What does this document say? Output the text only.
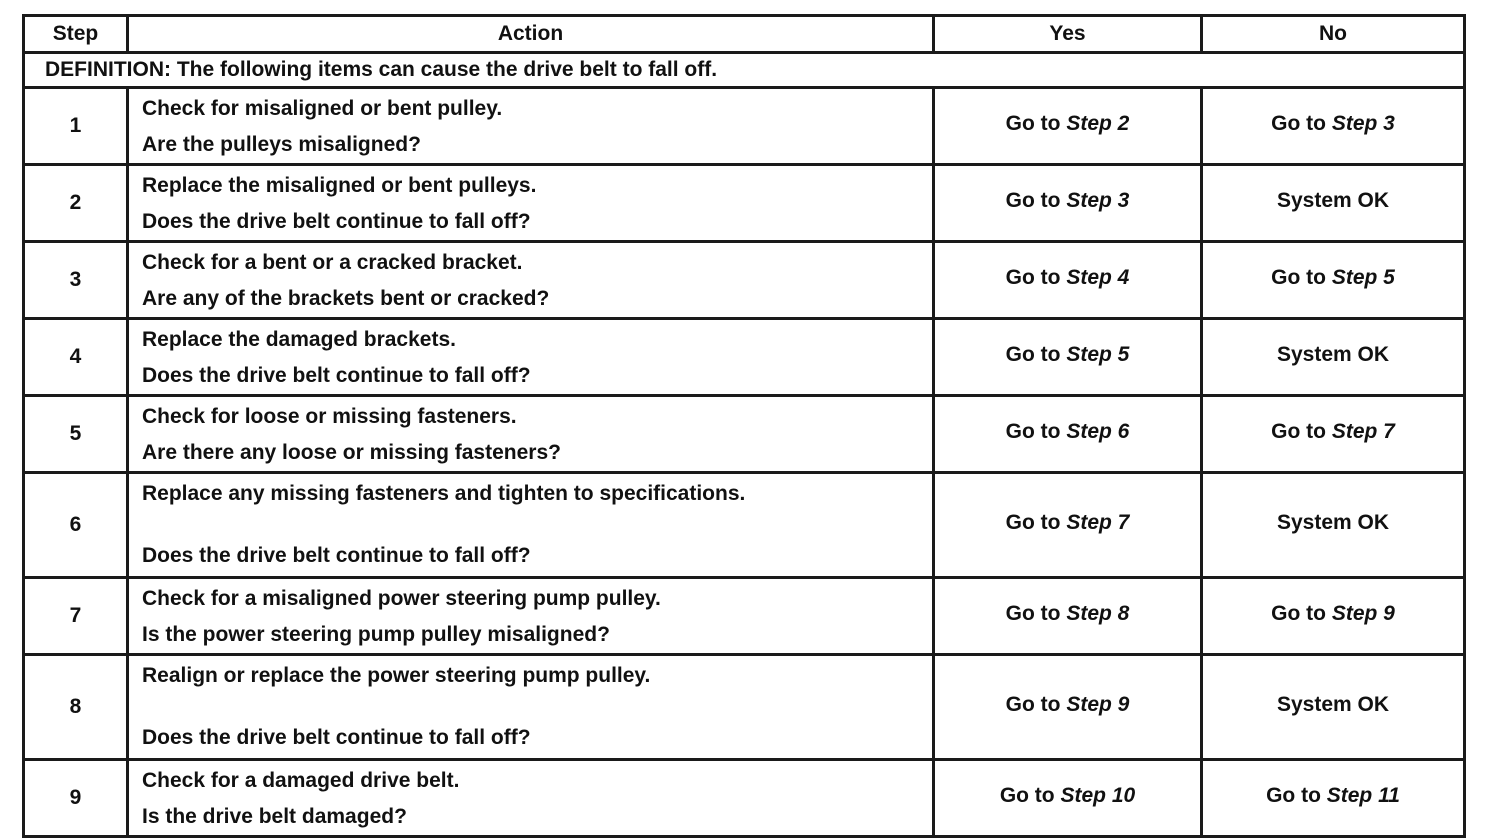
Step	Action	Yes	No
DEFINITION: The following items can cause the drive belt to fall off.			
1	Check for misaligned or bent pulley.
Are the pulleys misaligned?	Go to Step 2	Go to Step 3

2	Replace the misaligned or bent pulleys.
Does the drive belt continue to fall off?	Go to Step 3	System OK

3	Check for a bent or a cracked bracket.
Are any of the brackets bent or cracked?	Go to Step 4	Go to Step 5

4	Replace the damaged brackets.
Does the drive belt continue to fall off?	Go to Step 5	System OK

5	Check for loose or missing fasteners.
Are there any loose or missing fasteners?	Go to Step 6	Go to Step 7

6	Replace any missing fasteners and tighten to specifications.
Does the drive belt continue to fall off?	Go to Step 7	System OK

7	Check for a misaligned power steering pump pulley.
Is the power steering pump pulley misaligned?	Go to Step 8	Go to Step 9

8	Realign or replace the power steering pump pulley.
Does the drive belt continue to fall off?	Go to Step 9	System OK

9	Check for a damaged drive belt.
Is the drive belt damaged?	Go to Step 10	Go to Step 11
